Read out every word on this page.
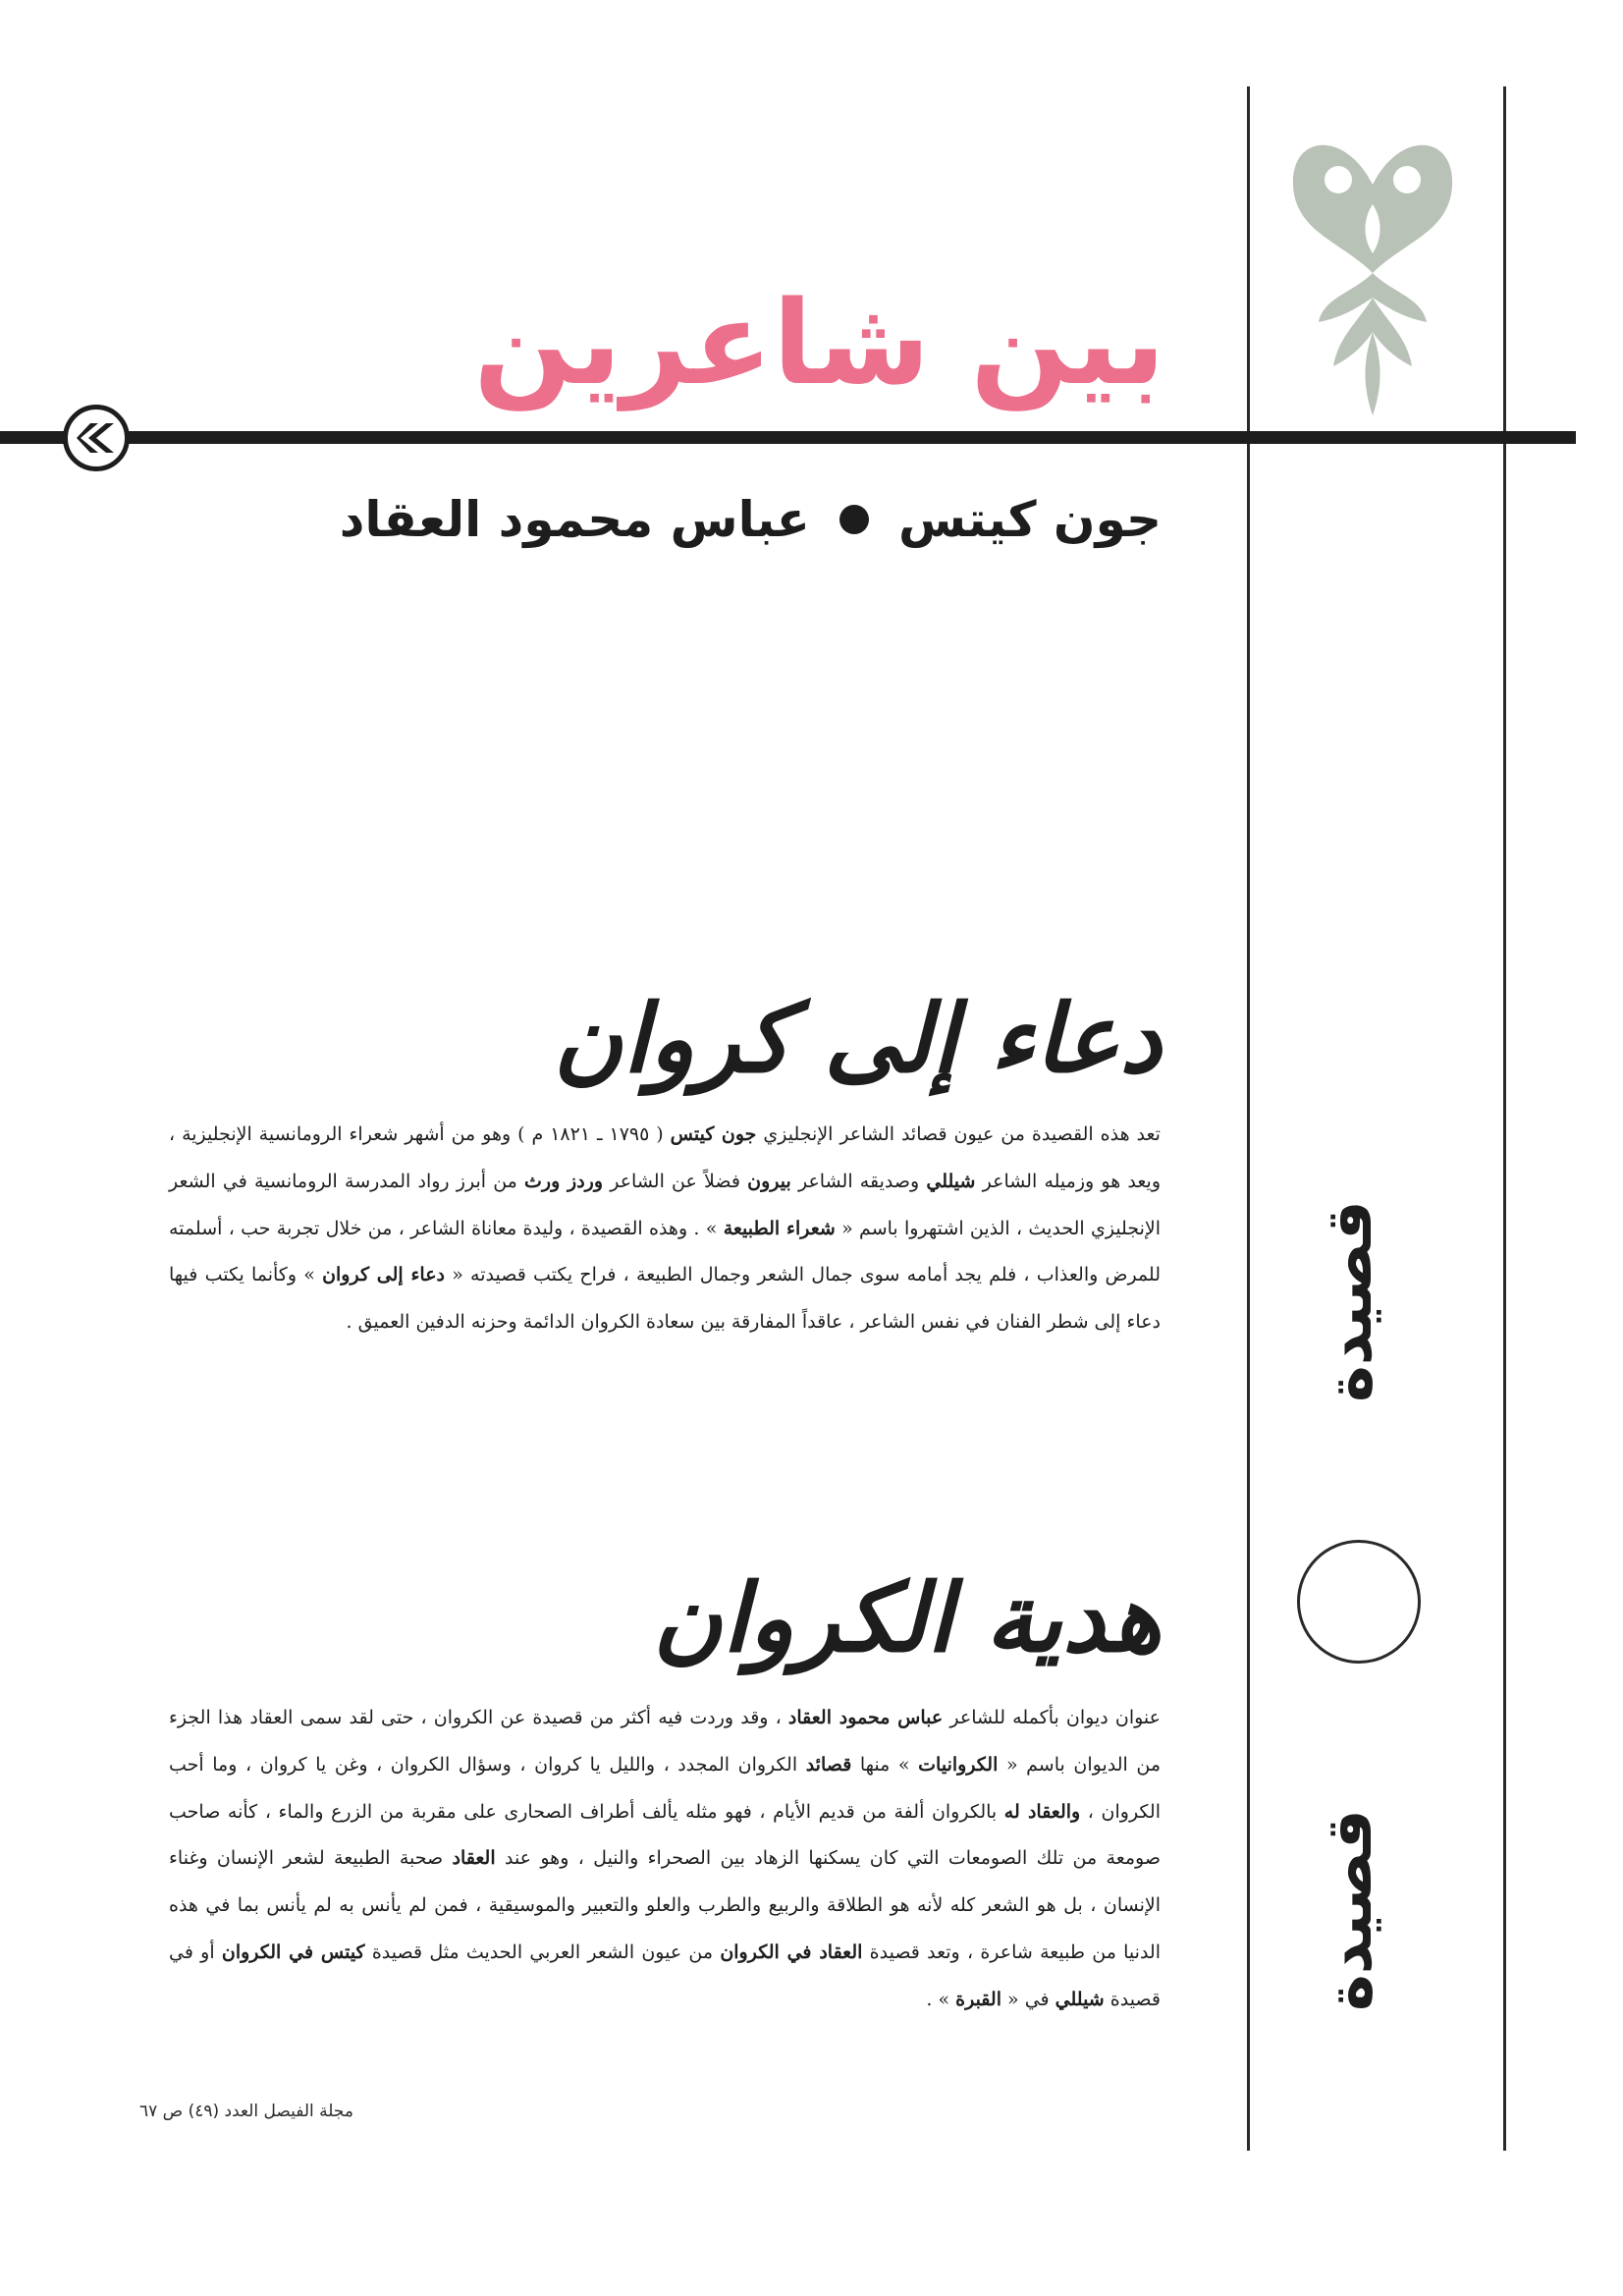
بين شاعرين
جون كيتس
عباس محمود العقاد
دعاء إلى كروان
تعد هذه القصيدة من عيون قصائد الشاعر الإنجليزي جون كيتس ( ١٧٩٥ ـ ١٨٢١ م ) وهو من أشهر شعراء الرومانسية الإنجليزية ، ويعد هو وزميله الشاعر شيللي وصديقه الشاعر بيرون فضلاً عن الشاعر وردز ورث من أبرز رواد المدرسة الرومانسية في الشعر الإنجليزي الحديث ، الذين اشتهروا باسم « شعراء الطبيعة » . وهذه القصيدة ، وليدة معاناة الشاعر ، من خلال تجربة حب ، أسلمته للمرض والعذاب ، فلم يجد أمامه سوى جمال الشعر وجمال الطبيعة ، فراح يكتب قصيدته « دعاء إلى كروان » وكأنما يكتب فيها دعاء إلى شطر الفنان في نفس الشاعر ، عاقداً المفارقة بين سعادة الكروان الدائمة وحزنه الدفين العميق .
هدية الكروان
عنوان ديوان بأكمله للشاعر عباس محمود العقاد ، وقد وردت فيه أكثر من قصيدة عن الكروان ، حتى لقد سمى العقاد هذا الجزء من الديوان باسم « الكروانيات » منها قصائد الكروان المجدد ، والليل يا كروان ، وسؤال الكروان ، وغن يا كروان ، وما أحب الكروان ، والعقاد له بالكروان ألفة من قديم الأيام ، فهو مثله يألف أطراف الصحارى على مقربة من الزرع والماء ، كأنه صاحب صومعة من تلك الصومعات التي كان يسكنها الزهاد بين الصحراء والنيل ، وهو عند العقاد صحبة الطبيعة لشعر الإنسان وغناء الإنسان ، بل هو الشعر كله لأنه هو الطلاقة والربيع والطرب والعلو والتعبير والموسيقية ، فمن لم يأنس به لم يأنس بما في هذه الدنيا من طبيعة شاعرة ، وتعد قصيدة العقاد في الكروان من عيون الشعر العربي الحديث مثل قصيدة كيتس في الكروان أو في قصيدة شيللي في « القبرة » .
قصيدة
قصيدة
مجلة الفيصل العدد (٤٩) ص ٦٧
